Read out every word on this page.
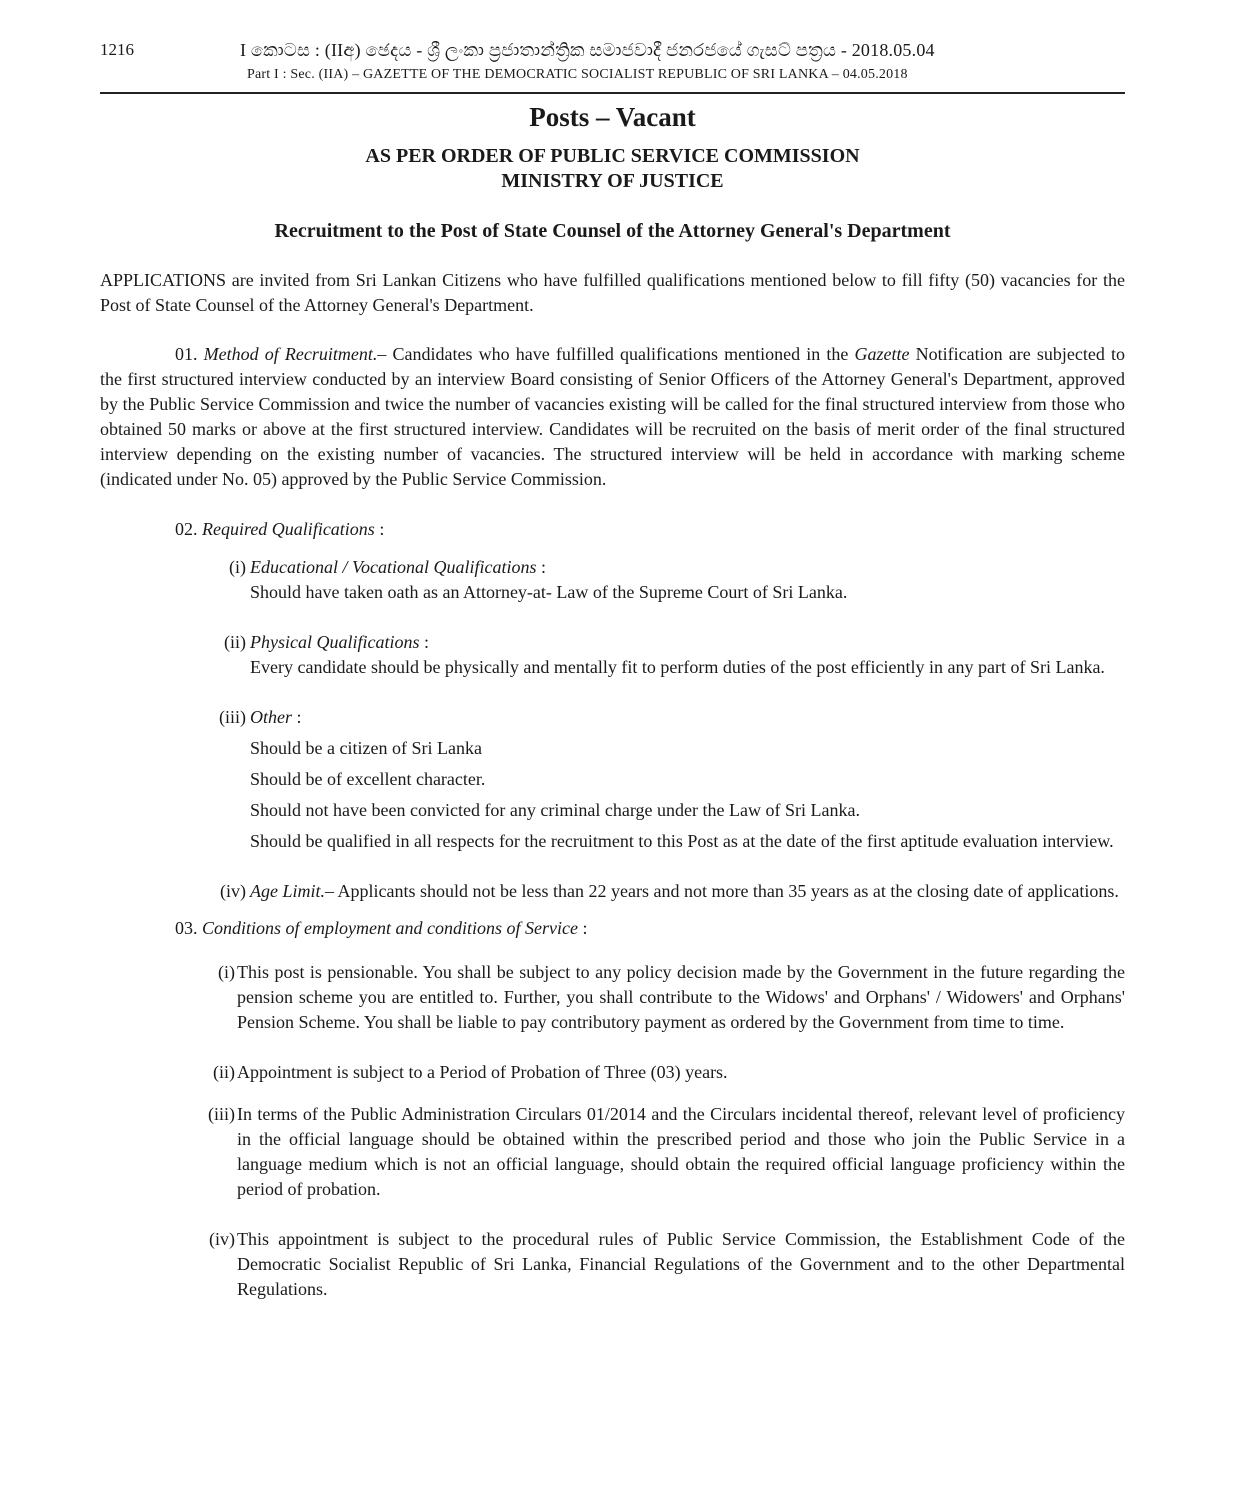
1216	I කොටස : (IIඅ) ඡෙදය - ශ්‍රී ලංකා ප්‍රජාතාන්ත්‍රික සමාජවාදී ජනරජයේ ගැසට් පත්‍රය - 2018.05.04
Part I : Sec. (IIA) – GAZETTE OF THE DEMOCRATIC SOCIALIST REPUBLIC OF SRI LANKA – 04.05.2018
Posts – Vacant
AS PER ORDER OF PUBLIC SERVICE COMMISSION
MINISTRY OF JUSTICE
Recruitment to the Post of State Counsel of the Attorney General's Department

APPLICATIONS are invited from Sri Lankan Citizens who have fulfilled qualifications mentioned below to fill fifty (50) vacancies for the Post of State Counsel of the Attorney General's Department.

01. Method of Recruitment.– Candidates who have fulfilled qualifications mentioned in the Gazette Notification are subjected to the first structured interview conducted by an interview Board consisting of Senior Officers of the Attorney General's Department, approved by the Public Service Commission and twice the number of vacancies existing will be called for the final structured interview from those who obtained 50 marks or above at the first structured interview. Candidates will be recruited on the basis of merit order of the final structured interview depending on the existing number of vacancies. The structured interview will be held in accordance with marking scheme (indicated under No. 05) approved by the Public Service Commission.

02. Required Qualifications :
(i) Educational / Vocational Qualifications :

Should have taken oath as an Attorney-at- Law of the Supreme Court of Sri Lanka.

(ii) Physical Qualifications :

Every candidate should be physically and mentally fit to perform duties of the post efficiently in any part of Sri Lanka.

(iii) Other :

Should be a citizen of Sri Lanka

Should be of excellent character.

Should not have been convicted for any criminal charge under the Law of Sri Lanka.

Should be qualified in all respects for the recruitment to this Post as at the date of the first aptitude evaluation interview.

(iv) Age Limit.– Applicants should not be less than 22 years and not more than 35 years as at the closing date of applications.

03. Conditions of employment and conditions of Service :
(i) This post is pensionable. You shall be subject to any policy decision made by the Government in the future regarding the pension scheme you are entitled to. Further, you shall contribute to the Widows' and Orphans' / Widowers' and Orphans' Pension Scheme. You shall be liable to pay contributory payment as ordered by the Government from time to time.

(ii) Appointment is subject to a Period of Probation of Three (03) years.

(iii) In terms of the Public Administration Circulars 01/2014 and the Circulars incidental thereof, relevant level of proficiency in the official language should be obtained within the prescribed period and those who join the Public Service in a language medium which is not an official language, should obtain the required official language proficiency within the period of probation.

(iv) This appointment is subject to the procedural rules of Public Service Commission, the Establishment Code of the Democratic Socialist Republic of Sri Lanka, Financial Regulations of the Government and to the other Departmental Regulations.
